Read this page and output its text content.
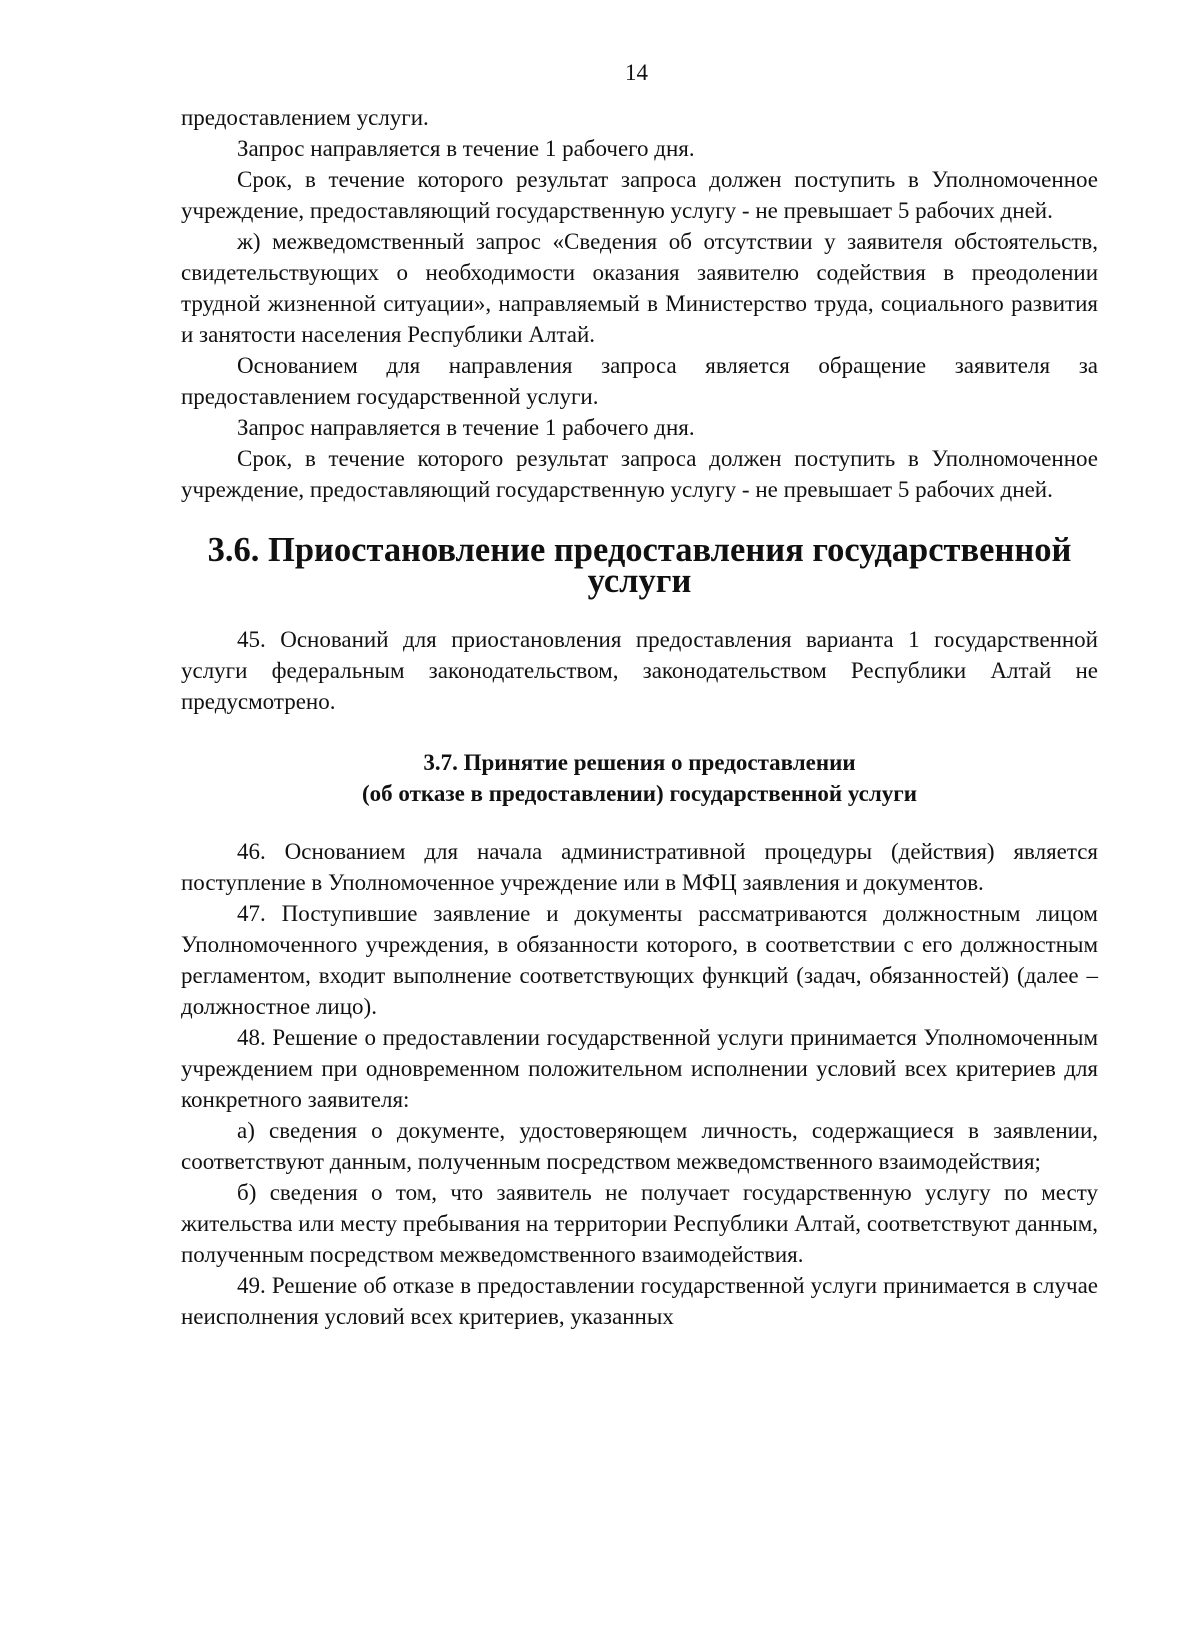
14

предоставлением услуги.

Запрос направляется в течение 1 рабочего дня.

Срок, в течение которого результат запроса должен поступить в Уполномоченное учреждение, предоставляющий государственную услугу - не превышает 5 рабочих дней.

ж) межведомственный запрос «Сведения об отсутствии у заявителя обстоятельств, свидетельствующих о необходимости оказания заявителю содействия в преодолении трудной жизненной ситуации», направляемый в Министерство труда, социального развития и занятости населения Республики Алтай.

Основанием для направления запроса является обращение заявителя за предоставлением государственной услуги.

Запрос направляется в течение 1 рабочего дня.

Срок, в течение которого результат запроса должен поступить в Уполномоченное учреждение, предоставляющий государственную услугу - не превышает 5 рабочих дней.

3.6. Приостановление предоставления государственной услуги

45. Оснований для приостановления предоставления варианта 1 государственной услуги федеральным законодательством, законодательством Республики Алтай не предусмотрено.

3.7. Принятие решения о предоставлении

(об отказе в предоставлении) государственной услуги

46. Основанием для начала административной процедуры (действия) является поступление в Уполномоченное учреждение или в МФЦ заявления и документов.

47. Поступившие заявление и документы рассматриваются должностным лицом Уполномоченного учреждения, в обязанности которого, в соответствии с его должностным регламентом, входит выполнение соответствующих функций (задач, обязанностей) (далее – должностное лицо).

48. Решение о предоставлении государственной услуги принимается Уполномоченным учреждением при одновременном положительном исполнении условий всех критериев для конкретного заявителя:

а) сведения о документе, удостоверяющем личность, содержащиеся в заявлении, соответствуют данным, полученным посредством межведомственного взаимодействия;

б) сведения о том, что заявитель не получает государственную услугу по месту жительства или месту пребывания на территории Республики Алтай, соответствуют данным, полученным посредством межведомственного взаимодействия.

49. Решение об отказе в предоставлении государственной услуги принимается в случае неисполнения условий всех критериев, указанных
